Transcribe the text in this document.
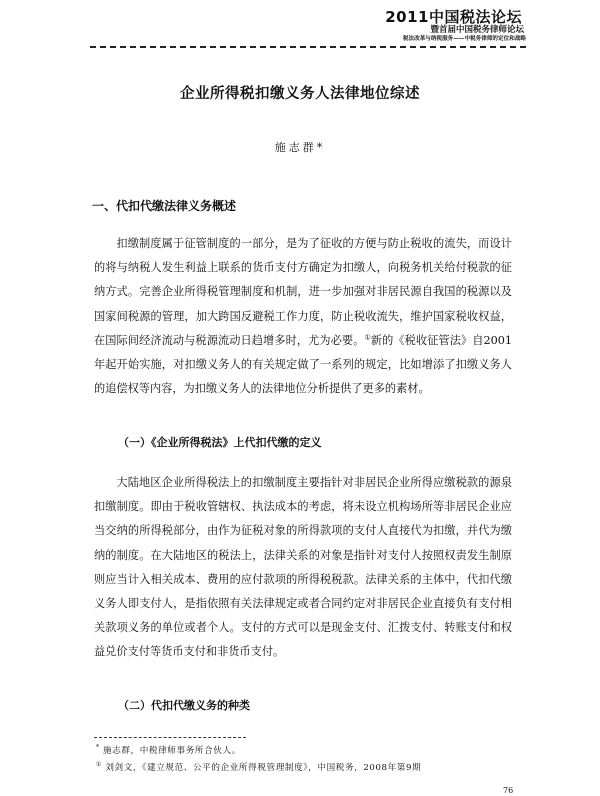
2011中国税法论坛
暨首届中国税务律师论坛
税法改革与纳税服务——中税务律师的定位和战略
企业所得税扣缴义务人法律地位综述
施志群*
一、代扣代缴法律义务概述
扣缴制度属于征管制度的一部分，是为了征收的方便与防止税收的流失，而设计的将与纳税人发生利益上联系的货币支付方确定为扣缴人，向税务机关给付税款的征纳方式。完善企业所得税管理制度和机制，进一步加强对非居民源自我国的税源以及国家间税源的管理，加大跨国反避税工作力度，防止税收流失，维护国家税收权益，在国际间经济流动与税源流动日趋增多时，尤为必要。①新的《税收征管法》自2001年起开始实施，对扣缴义务人的有关规定做了一系列的规定，比如增添了扣缴义务人的追偿权等内容，为扣缴义务人的法律地位分析提供了更多的素材。
（一）《企业所得税法》上代扣代缴的定义
大陆地区企业所得税法上的扣缴制度主要指针对非居民企业所得应缴税款的源泉扣缴制度。即由于税收管辖权、执法成本的考虑，将未设立机构场所等非居民企业应当交纳的所得税部分，由作为征税对象的所得款项的支付人直接代为扣缴，并代为缴纳的制度。在大陆地区的税法上，法律关系的对象是指针对支付人按照权责发生制原则应当计入相关成本、费用的应付款项的所得税税款。法律关系的主体中，代扣代缴义务人即支付人，是指依照有关法律规定或者合同约定对非居民企业直接负有支付相关款项义务的单位或者个人。支付的方式可以是现金支付、汇拨支付、转账支付和权益兑价支付等货币支付和非货币支付。
（二）代扣代缴义务的种类
* 施志群，中税律师事务所合伙人。
① 刘剑文，《建立规范、公平的企业所得税管理制度》，中国税务，2008年第9期
76
